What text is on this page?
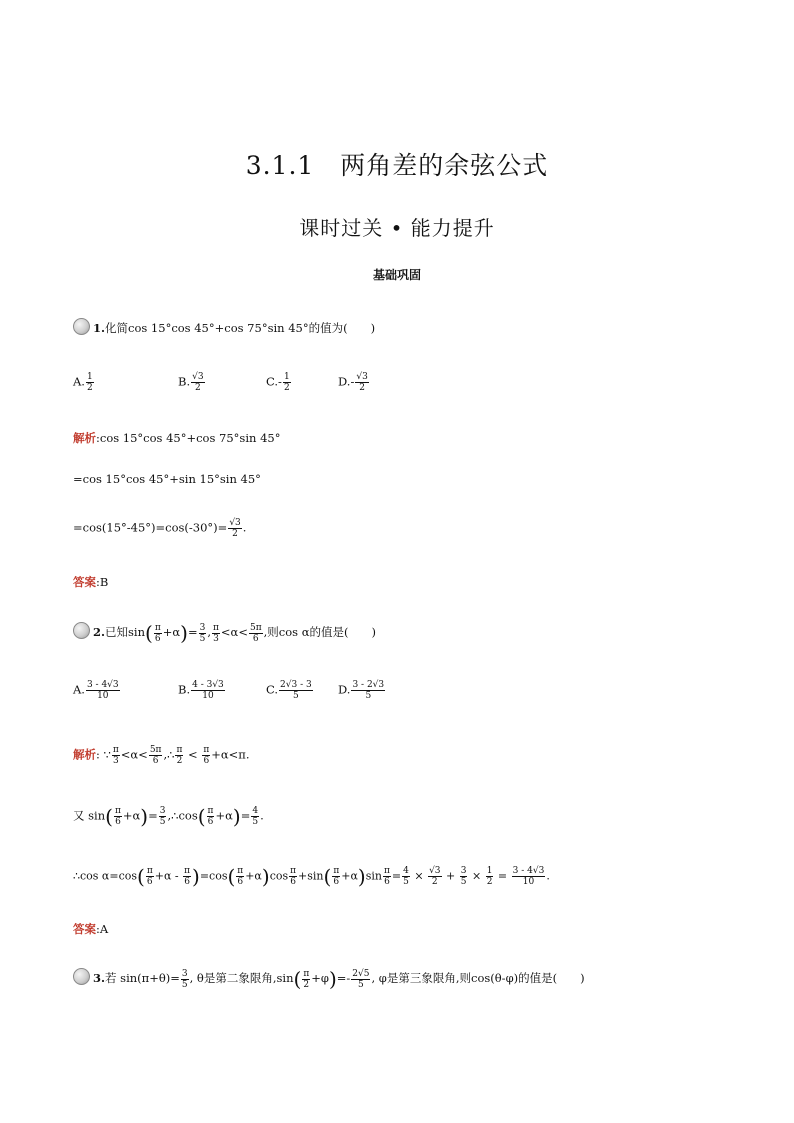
3.1.1　两角差的余弦公式
课时过关 • 能力提升
基础巩固
1.化简cos 15°cos 45°+cos 75°sin 45°的值为(　　)
A. $\frac{1}{2}$	B. $\frac{√3}{2}$	$C.- \frac{1}{2}$	$D.- \frac{√3}{2}$
解析:cos 15°cos 45°+cos 75°sin 45°
=cos 15°cos 45°+sin 15°sin 45°
$=\cos(15^\circ-45^\circ)=\cos(-30^\circ)= \frac{√3}{2}$ .
答案:B
2.已知$\sin( \frac{\pi}{6} +\alpha)= \frac{3}{5}$ , $\frac{\pi}{3} <\alpha< \frac{5\pi}{6}$ ,则cos α的值是(　　)
A. $\frac{3 - 4√3}{10}$	B. $\frac{4 - 3√3}{10}$	C. $\frac{2√3 - 3}{5} D$. $\frac{3 - 2√3}{5}$
解析: ∵ $\frac{\pi}{3} <\alpha< \frac{5\pi}{6}$ ,∴ $\frac{\pi}{2} < \frac{\pi}{6} +\alpha<\pi$.
又 $\sin( \frac{\pi}{6} +\alpha)= \frac{3}{5}$ ,∴cos( $\frac{\pi}{6} +\alpha)= \frac{4}{5}$ .
∴cos $\alpha=\cos( \frac{\pi}{6} +\alpha - \frac{\pi}{6} )=\cos( \frac{\pi}{6} +\alpha)\cos \frac{\pi}{6} +\sin( \frac{\pi}{6} +\alpha)\sin \frac{\pi}{6} = \frac{4}{5} \times \frac{√3}{2} + \frac{3}{5} \times \frac{1}{2} = \frac{3 - 4√3}{10}$ .
答案:A
3.若 $\sin(\pi+\theta)= \frac{3}{5}$ , θ是第二象限角$,\sin( \frac{\pi}{2} +\varphi)=- \frac{2√5}{5}$ , φ是第三象限角,则cos(θ-φ)的值是(　　)
